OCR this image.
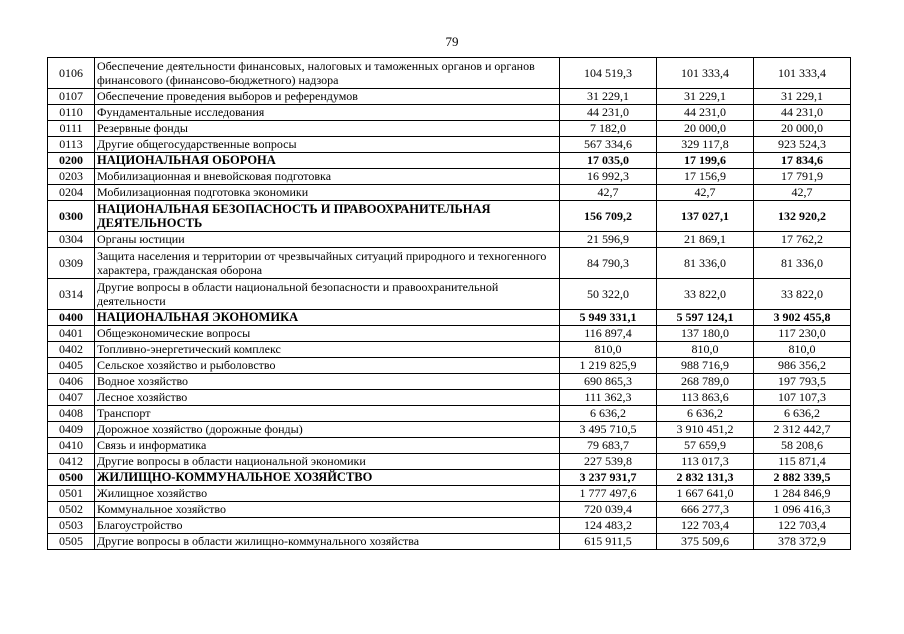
79
0106	Обеспечение деятельности финансовых, налоговых и таможенных органов и органов финансового (финансово-бюджетного) надзора	104 519,3	101 333,4	101 333,4
0107	Обеспечение проведения выборов и референдумов	31 229,1	31 229,1	31 229,1
0110	Фундаментальные исследования	44 231,0	44 231,0	44 231,0
0111	Резервные фонды	7 182,0	20 000,0	20 000,0
0113	Другие общегосударственные вопросы	567 334,6	329 117,8	923 524,3
0200	НАЦИОНАЛЬНАЯ ОБОРОНА	17 035,0	17 199,6	17 834,6
0203	Мобилизационная и вневойсковая подготовка	16 992,3	17 156,9	17 791,9
0204	Мобилизационная подготовка экономики	42,7	42,7	42,7
0300	НАЦИОНАЛЬНАЯ БЕЗОПАСНОСТЬ И ПРАВООХРАНИТЕЛЬНАЯ ДЕЯТЕЛЬНОСТЬ	156 709,2	137 027,1	132 920,2
0304	Органы юстиции	21 596,9	21 869,1	17 762,2
0309	Защита населения и территории от чрезвычайных ситуаций природного и техногенного характера, гражданская оборона	84 790,3	81 336,0	81 336,0
0314	Другие вопросы в области национальной безопасности и правоохранительной деятельности	50 322,0	33 822,0	33 822,0
0400	НАЦИОНАЛЬНАЯ ЭКОНОМИКА	5 949 331,1	5 597 124,1	3 902 455,8
0401	Общеэкономические вопросы	116 897,4	137 180,0	117 230,0
0402	Топливно-энергетический комплекс	810,0	810,0	810,0
0405	Сельское хозяйство и рыболовство	1 219 825,9	988 716,9	986 356,2
0406	Водное хозяйство	690 865,3	268 789,0	197 793,5
0407	Лесное хозяйство	111 362,3	113 863,6	107 107,3
0408	Транспорт	6 636,2	6 636,2	6 636,2
0409	Дорожное хозяйство (дорожные фонды)	3 495 710,5	3 910 451,2	2 312 442,7
0410	Связь и информатика	79 683,7	57 659,9	58 208,6
0412	Другие вопросы в области национальной экономики	227 539,8	113 017,3	115 871,4
0500	ЖИЛИЩНО-КОММУНАЛЬНОЕ ХОЗЯЙСТВО	3 237 931,7	2 832 131,3	2 882 339,5
0501	Жилищное хозяйство	1 777 497,6	1 667 641,0	1 284 846,9
0502	Коммунальное хозяйство	720 039,4	666 277,3	1 096 416,3
0503	Благоустройство	124 483,2	122 703,4	122 703,4
0505	Другие вопросы в области жилищно-коммунального хозяйства	615 911,5	375 509,6	378 372,9
